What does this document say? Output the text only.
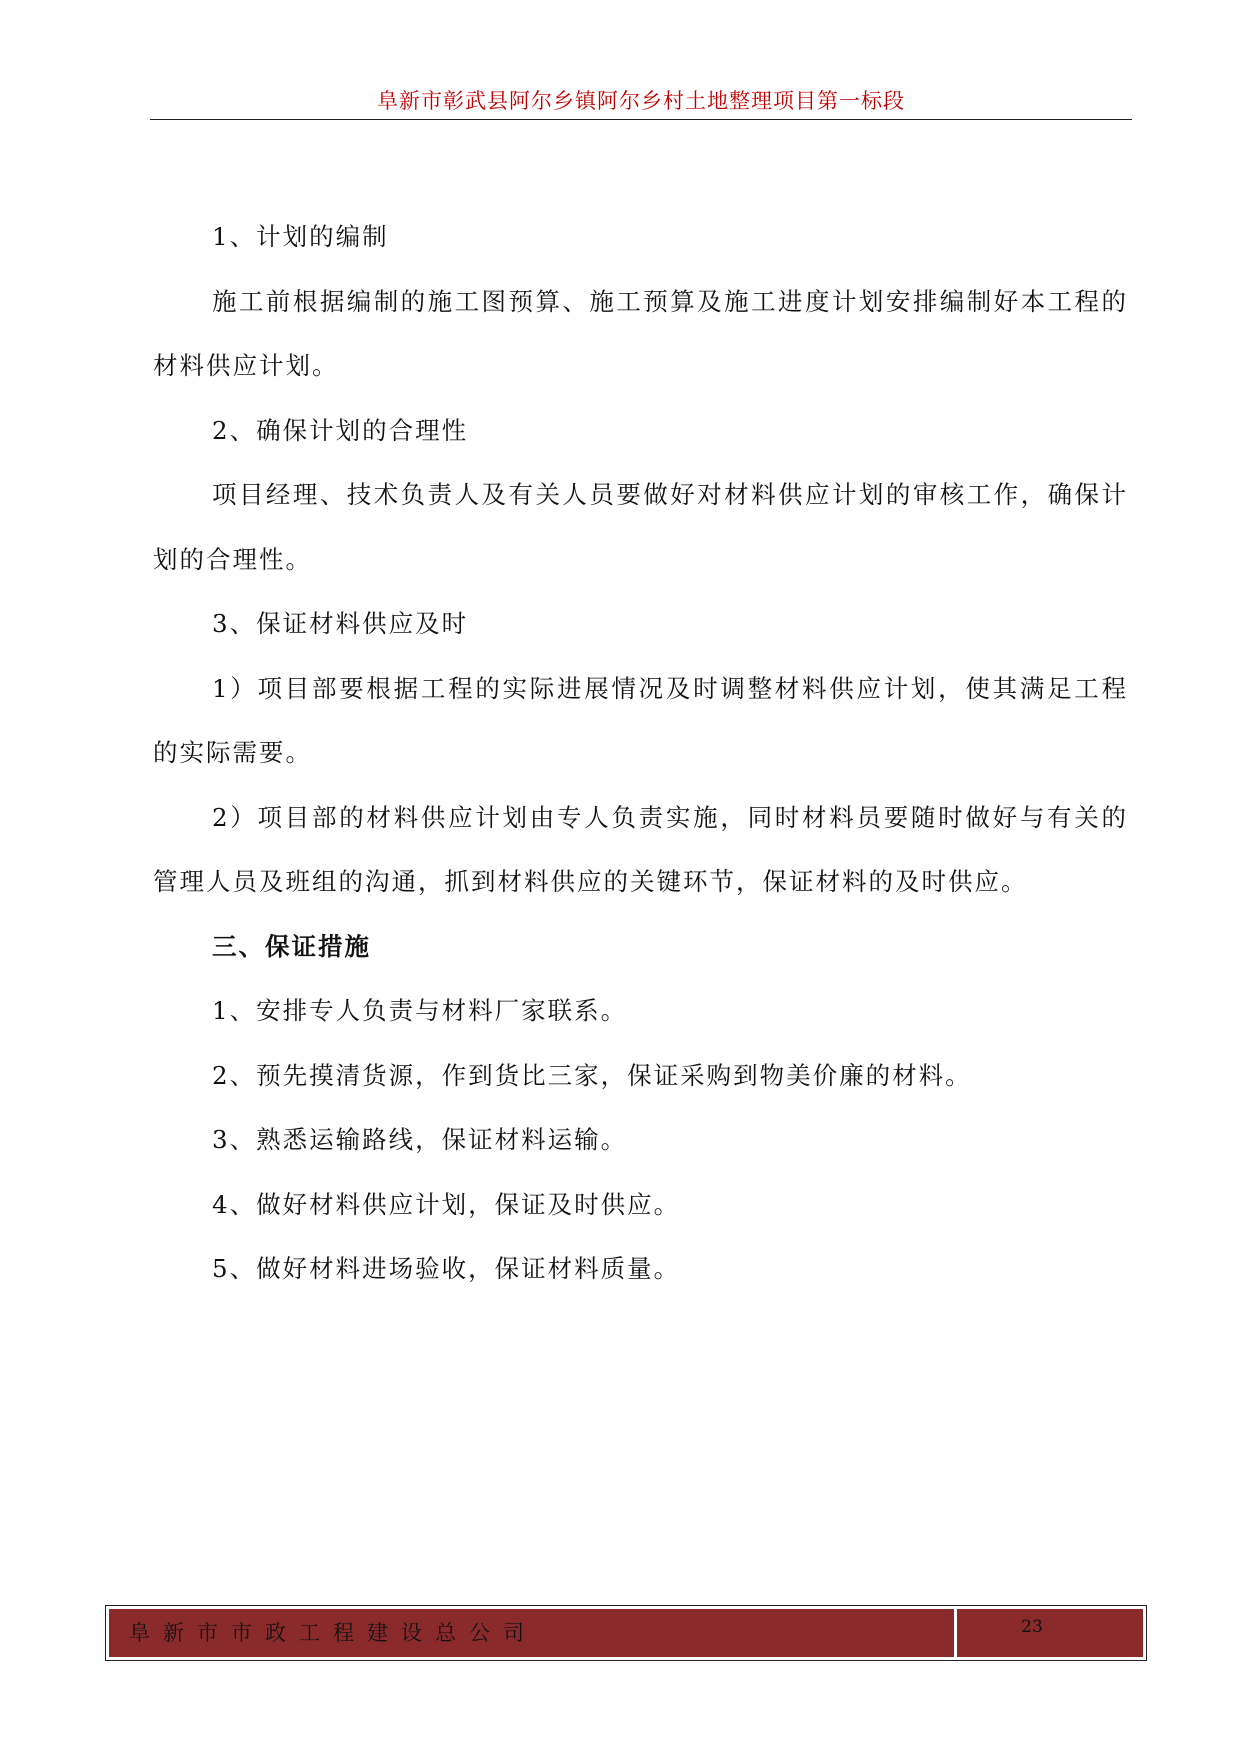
阜新市彰武县阿尔乡镇阿尔乡村土地整理项目第一标段

1、计划的编制

施工前根据编制的施工图预算、施工预算及施工进度计划安排编制好本工程的材料供应计划。

2、确保计划的合理性

项目经理、技术负责人及有关人员要做好对材料供应计划的审核工作，确保计划的合理性。

3、保证材料供应及时

1）项目部要根据工程的实际进展情况及时调整材料供应计划，使其满足工程的实际需要。

2）项目部的材料供应计划由专人负责实施，同时材料员要随时做好与有关的管理人员及班组的沟通，抓到材料供应的关键环节，保证材料的及时供应。

三、保证措施

1、安排专人负责与材料厂家联系。

2、预先摸清货源，作到货比三家，保证采购到物美价廉的材料。

3、熟悉运输路线，保证材料运输。

4、做好材料供应计划，保证及时供应。

5、做好材料进场验收，保证材料质量。

阜新市市政工程建设总公司	23
